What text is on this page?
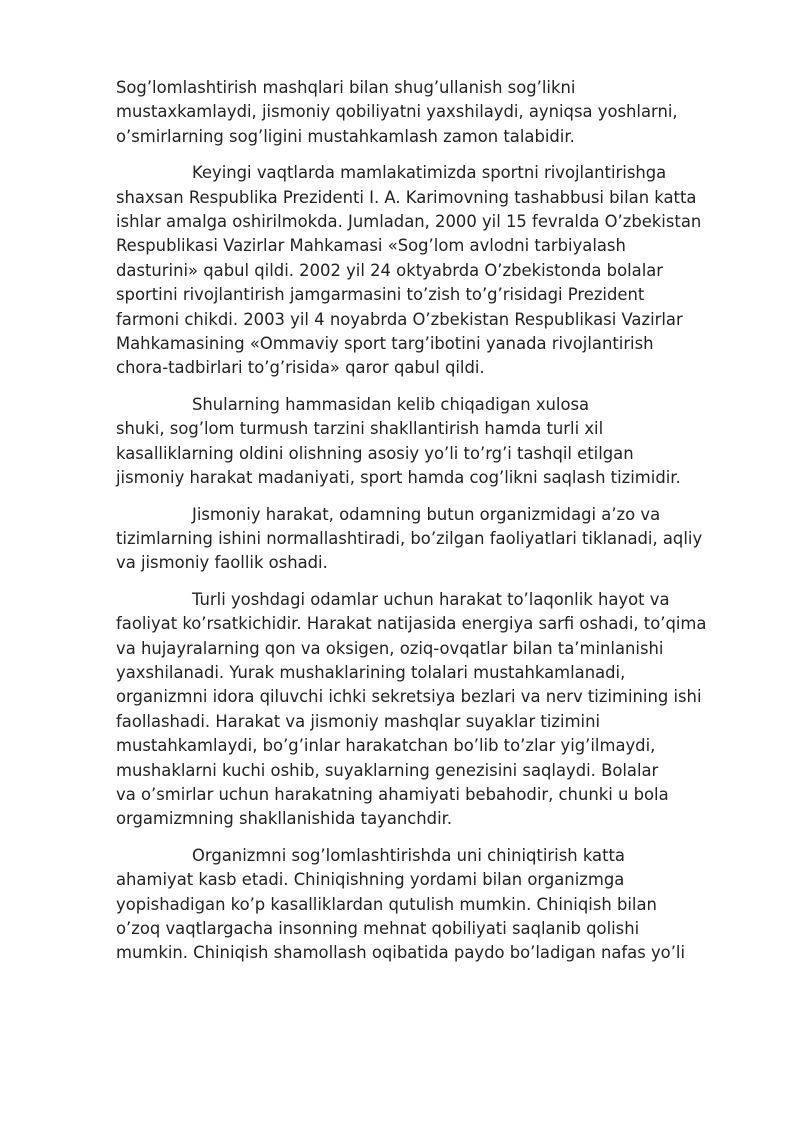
Sog’lomlashtirish mashqlari bilan shug’ullanish sog’likni
mustaxkamlaydi, jismoniy qobiliyatni yaxshilaydi, ayniqsa yoshlarni,
o’smirlarning sog’ligini mustahkamlash zamon talabidir.

Keyingi vaqtlarda mamlakatimizda sportni rivojlantirishga
shaxsan Respublika Prezidenti I. A. Karimovning tashabbusi bilan katta
ishlar amalga oshirilmokda. Jumladan, 2000 yil 15 fevralda O’zbekistan
Respublikasi Vazirlar Mahkamasi «Sog’lom avlodni tarbiyalash
dasturini» qabul qildi. 2002 yil 24 oktyabrda O’zbekistonda bolalar
sportini rivojlantirish jamgarmasini to’zish to’g’risidagi Prezident
farmoni chikdi. 2003 yil 4 noyabrda O’zbekistan Respublikasi Vazirlar
Mahkamasining «Ommaviy sport targ’ibotini yanada rivojlantirish
chora-tadbirlari to’g’risida» qaror qabul qildi.

Shularning hammasidan kelib chiqadigan xulosa
shuki, sog’lom turmush tarzini shakllantirish hamda turli xil
kasalliklarning oldini olishning asosiy yo’li to’rg’i tashqil etilgan
jismoniy harakat madaniyati, sport hamda cog’likni saqlash tizimidir.

Jismoniy harakat, odamning butun organizmidagi a’zo va
tizimlarning ishini normallashtiradi, bo’zilgan faoliyatlari tiklanadi, aqliy
va jismoniy faollik oshadi.

Turli yoshdagi odamlar uchun harakat to’laqonlik hayot va
faoliyat ko’rsatkichidir. Harakat natijasida energiya sarfi oshadi, to’qima
va hujayralarning qon va oksigen, oziq-ovqatlar bilan ta’minlanishi
yaxshilanadi. Yurak mushaklarining tolalari mustahkamlanadi,
organizmni idora qiluvchi ichki sekretsiya bezlari va nerv tizimining ishi
faollashadi. Harakat va jismoniy mashqlar suyaklar tizimini
mustahkamlaydi, bo’g’inlar harakatchan bo’lib to’zlar yig’ilmaydi,
mushaklarni kuchi oshib, suyaklarning genezisini saqlaydi. Bolalar
va o’smirlar uchun harakatning ahamiyati bebahodir, chunki u bola
orgamizmning shakllanishida tayanchdir.

Organizmni sog’lomlashtirishda uni chiniqtirish katta
ahamiyat kasb etadi. Chiniqishning yordami bilan organizmga
yopishadigan ko’p kasalliklardan qutulish mumkin. Chiniqish bilan
o’zoq vaqtlargacha insonning mehnat qobiliyati saqlanib qolishi
mumkin. Chiniqish shamollash oqibatida paydo bo’ladigan nafas yo’li
